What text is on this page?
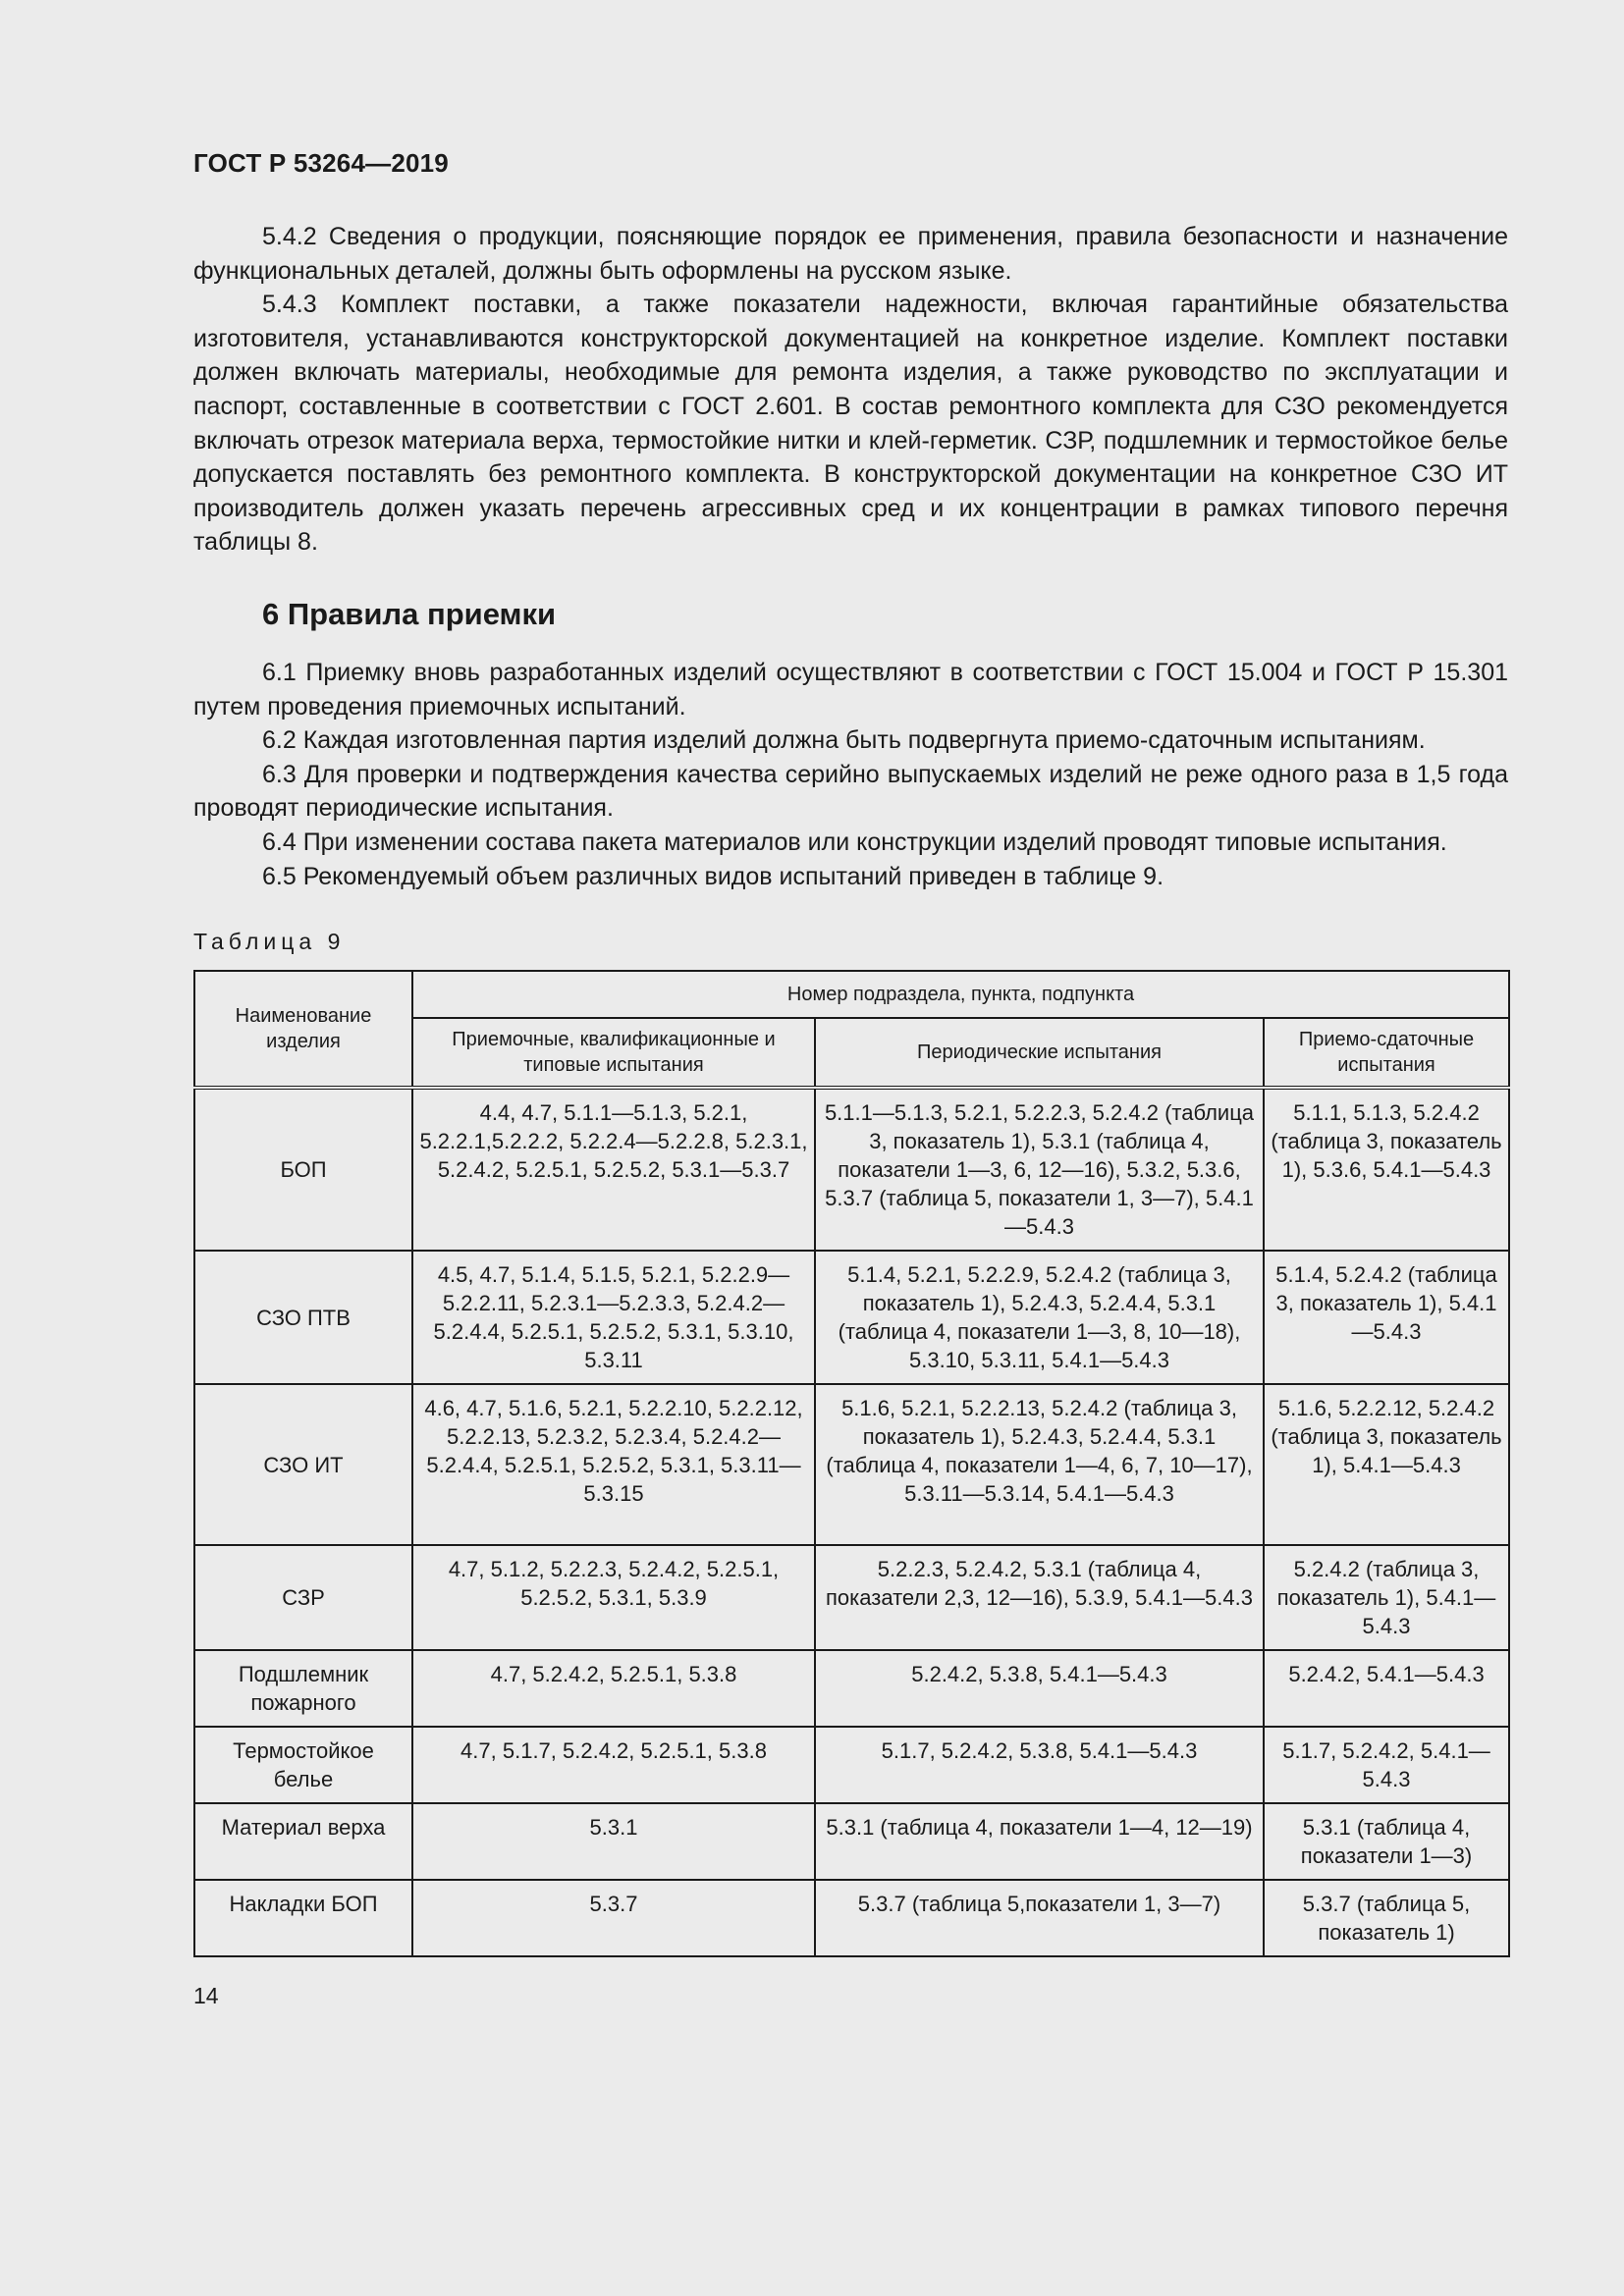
ГОСТ Р 53264—2019

5.4.2 Сведения о продукции, поясняющие порядок ее применения, правила безопасности и назначение функциональных деталей, должны быть оформлены на русском языке.

5.4.3 Комплект поставки, а также показатели надежности, включая гарантийные обязательства изготовителя, устанавливаются конструкторской документацией на конкретное изделие. Комплект поставки должен включать материалы, необходимые для ремонта изделия, а также руководство по эксплуатации и паспорт, составленные в соответствии с ГОСТ 2.601. В состав ремонтного комплекта для СЗО рекомендуется включать отрезок материала верха, термостойкие нитки и клей-герметик. СЗР, подшлемник и термостойкое белье допускается поставлять без ремонтного комплекта. В конструкторской документации на конкретное СЗО ИТ производитель должен указать перечень агрессивных сред и их концентрации в рамках типового перечня таблицы 8.

6 Правила приемки

6.1 Приемку вновь разработанных изделий осуществляют в соответствии с ГОСТ 15.004 и ГОСТ Р 15.301 путем проведения приемочных испытаний.

6.2 Каждая изготовленная партия изделий должна быть подвергнута приемо-сдаточным испытаниям.

6.3 Для проверки и подтверждения качества серийно выпускаемых изделий не реже одного раза в 1,5 года проводят периодические испытания.

6.4 При изменении состава пакета материалов или конструкции изделий проводят типовые испытания.

6.5 Рекомендуемый объем различных видов испытаний приведен в таблице 9.

Таблица 9
Наименование изделия	Номер подраздела, пункта, подпункта		
	Приемочные, квалификационные и типовые испытания	Периодические испытания	Приемо-сдаточные испытания
БОП	4.4, 4.7, 5.1.1—5.1.3, 5.2.1, 5.2.2.1,5.2.2.2, 5.2.2.4—5.2.2.8, 5.2.3.1, 5.2.4.2, 5.2.5.1, 5.2.5.2, 5.3.1—5.3.7	5.1.1—5.1.3, 5.2.1, 5.2.2.3, 5.2.4.2 (таблица 3, показатель 1), 5.3.1 (таблица 4, показатели 1—3, 6, 12—16), 5.3.2, 5.3.6, 5.3.7 (таблица 5, показатели 1, 3—7), 5.4.1—5.4.3	5.1.1, 5.1.3, 5.2.4.2 (таблица 3, показатель 1), 5.3.6, 5.4.1—5.4.3
СЗО ПТВ	4.5, 4.7, 5.1.4, 5.1.5, 5.2.1, 5.2.2.9—5.2.2.11, 5.2.3.1—5.2.3.3, 5.2.4.2—5.2.4.4, 5.2.5.1, 5.2.5.2, 5.3.1, 5.3.10, 5.3.11	5.1.4, 5.2.1, 5.2.2.9, 5.2.4.2 (таблица 3, показатель 1), 5.2.4.3, 5.2.4.4, 5.3.1 (таблица 4, показатели 1—3, 8, 10—18), 5.3.10, 5.3.11, 5.4.1—5.4.3	5.1.4, 5.2.4.2 (таблица 3, показатель 1), 5.4.1—5.4.3
СЗО ИТ	4.6, 4.7, 5.1.6, 5.2.1, 5.2.2.10, 5.2.2.12, 5.2.2.13, 5.2.3.2, 5.2.3.4, 5.2.4.2—5.2.4.4, 5.2.5.1, 5.2.5.2, 5.3.1, 5.3.11—5.3.15	5.1.6, 5.2.1, 5.2.2.13, 5.2.4.2 (таблица 3, показатель 1), 5.2.4.3, 5.2.4.4, 5.3.1 (таблица 4, показатели 1—4, 6, 7, 10—17), 5.3.11—5.3.14, 5.4.1—5.4.3	5.1.6, 5.2.2.12, 5.2.4.2 (таблица 3, показатель 1), 5.4.1—5.4.3
СЗР	4.7, 5.1.2, 5.2.2.3, 5.2.4.2, 5.2.5.1, 5.2.5.2, 5.3.1, 5.3.9	5.2.2.3, 5.2.4.2, 5.3.1 (таблица 4, показатели 2,3, 12—16), 5.3.9, 5.4.1—5.4.3	5.2.4.2 (таблица 3, показатель 1), 5.4.1—5.4.3
Подшлемник пожарного	4.7, 5.2.4.2, 5.2.5.1, 5.3.8	5.2.4.2, 5.3.8, 5.4.1—5.4.3	5.2.4.2, 5.4.1—5.4.3
Термостойкое белье	4.7, 5.1.7, 5.2.4.2, 5.2.5.1, 5.3.8	5.1.7, 5.2.4.2, 5.3.8, 5.4.1—5.4.3	5.1.7, 5.2.4.2, 5.4.1—5.4.3
Материал верха	5.3.1	5.3.1 (таблица 4, показатели 1—4, 12—19)	5.3.1 (таблица 4, показатели 1—3)
Накладки БОП	5.3.7	5.3.7 (таблица 5,показатели 1, 3—7)	5.3.7 (таблица 5, показатель 1)
14
